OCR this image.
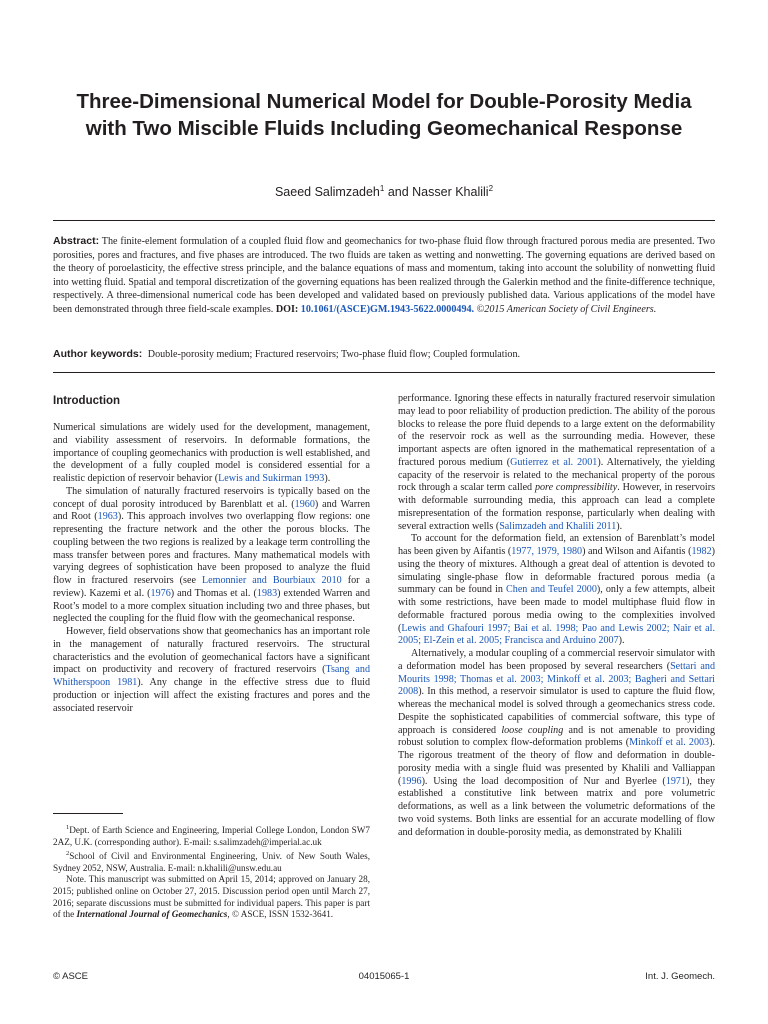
Three-Dimensional Numerical Model for Double-Porosity Media with Two Miscible Fluids Including Geomechanical Response
Saeed Salimzadeh$^1$ and Nasser Khalili$^2$
Abstract: The finite-element formulation of a coupled fluid flow and geomechanics for two-phase fluid flow through fractured porous media are presented. Two porosities, pores and fractures, and five phases are introduced. The two fluids are taken as wetting and nonwetting. The governing equations are derived based on the theory of poroelasticity, the effective stress principle, and the balance equations of mass and momentum, taking into account the solubility of nonwetting fluid into wetting fluid. Spatial and temporal discretization of the governing equations has been realized through the Galerkin method and the finite-difference technique, respectively. A three-dimensional numerical code has been developed and validated based on previously published data. Various applications of the model have been demonstrated through three field-scale examples. DOI: 10.1061/(ASCE)GM.1943-5622.0000494. ©2015 American Society of Civil Engineers.
Author keywords: Double-porosity medium; Fractured reservoirs; Two-phase fluid flow; Coupled formulation.
Introduction

Numerical simulations are widely used for the development, management, and viability assessment of reservoirs. In deformable formations, the importance of coupling geomechanics with production is well established, and the development of a fully coupled model is considered essential for a realistic depiction of reservoir behavior (Lewis and Sukirman 1993).

The simulation of naturally fractured reservoirs is typically based on the concept of dual porosity introduced by Barenblatt et al. (1960) and Warren and Root (1963). This approach involves two overlapping flow regions: one representing the fracture network and the other the porous blocks. The coupling between the two regions is realized by a leakage term controlling the mass transfer between pores and fractures. Many mathematical models with varying degrees of sophistication have been proposed to analyze the fluid flow in fractured reservoirs (see Lemonnier and Bourbiaux 2010 for a review). Kazemi et al. (1976) and Thomas et al. (1983) extended Warren and Root’s model to a more complex situation including two and three phases, but neglected the coupling for the fluid flow with the geomechanical response.

However, field observations show that geomechanics has an important role in the management of naturally fractured reservoirs. The structural characteristics and the evolution of geomechanical factors have a significant impact on productivity and recovery of fractured reservoirs (Tsang and Whitherspoon 1981). Any change in the effective stress due to fluid production or injection will affect the existing fractures and pores and the associated reservoir

$^1$Dept. of Earth Science and Engineering, Imperial College London, London SW7 2AZ, U.K. (corresponding author). E-mail: s.salimzadeh@imperial.ac.uk

$^2$School of Civil and Environmental Engineering, Univ. of New South Wales, Sydney 2052, NSW, Australia. E-mail: n.khalili@unsw.edu.au

Note. This manuscript was submitted on April 15, 2014; approved on January 28, 2015; published online on October 27, 2015. Discussion period open until March 27, 2016; separate discussions must be submitted for individual papers. This paper is part of the International Journal of Geomechanics, © ASCE, ISSN 1532-3641.

performance. Ignoring these effects in naturally fractured reservoir simulation may lead to poor reliability of production prediction. The ability of the porous blocks to release the pore fluid depends to a large extent on the deformability of the reservoir rock as well as the surrounding media. However, these important aspects are often ignored in the mathematical representation of a fractured porous medium (Gutierrez et al. 2001). Alternatively, the yielding capacity of the reservoir is related to the mechanical property of the porous rock through a scalar term called pore compressibility. However, in reservoirs with deformable surrounding media, this approach can lead a complete misrepresentation of the formation response, particularly when dealing with several extraction wells (Salimzadeh and Khalili 2011).

To account for the deformation field, an extension of Barenblatt’s model has been given by Aifantis (1977, 1979, 1980) and Wilson and Aifantis (1982) using the theory of mixtures. Although a great deal of attention is devoted to simulating single-phase flow in deformable fractured porous media (a summary can be found in Chen and Teufel 2000), only a few attempts, albeit with some restrictions, have been made to model multiphase fluid flow in deformable fractured porous media owing to the complexities involved (Lewis and Ghafouri 1997; Bai et al. 1998; Pao and Lewis 2002; Nair et al. 2005; El-Zein et al. 2005; Francisca and Arduino 2007).

Alternatively, a modular coupling of a commercial reservoir simulator with a deformation model has been proposed by several researchers (Settari and Mourits 1998; Thomas et al. 2003; Minkoff et al. 2003; Bagheri and Settari 2008). In this method, a reservoir simulator is used to capture the fluid flow, whereas the mechanical model is solved through a geomechanics stress code. Despite the sophisticated capabilities of commercial software, this type of approach is considered loose coupling and is not amenable to providing robust solution to complex flow-deformation problems (Minkoff et al. 2003). The rigorous treatment of the theory of flow and deformation in double-porosity media with a single fluid was presented by Khalili and Valliappan (1996). Using the load decomposition of Nur and Byerlee (1971), they established a constitutive link between matrix and pore volumetric deformations, as well as a link between the volumetric deformations of the two void systems. Both links are essential for an accurate modelling of flow and deformation in double-porosity media, as demonstrated by Khalili

© ASCE	04015065-1	Int. J. Geomech.
